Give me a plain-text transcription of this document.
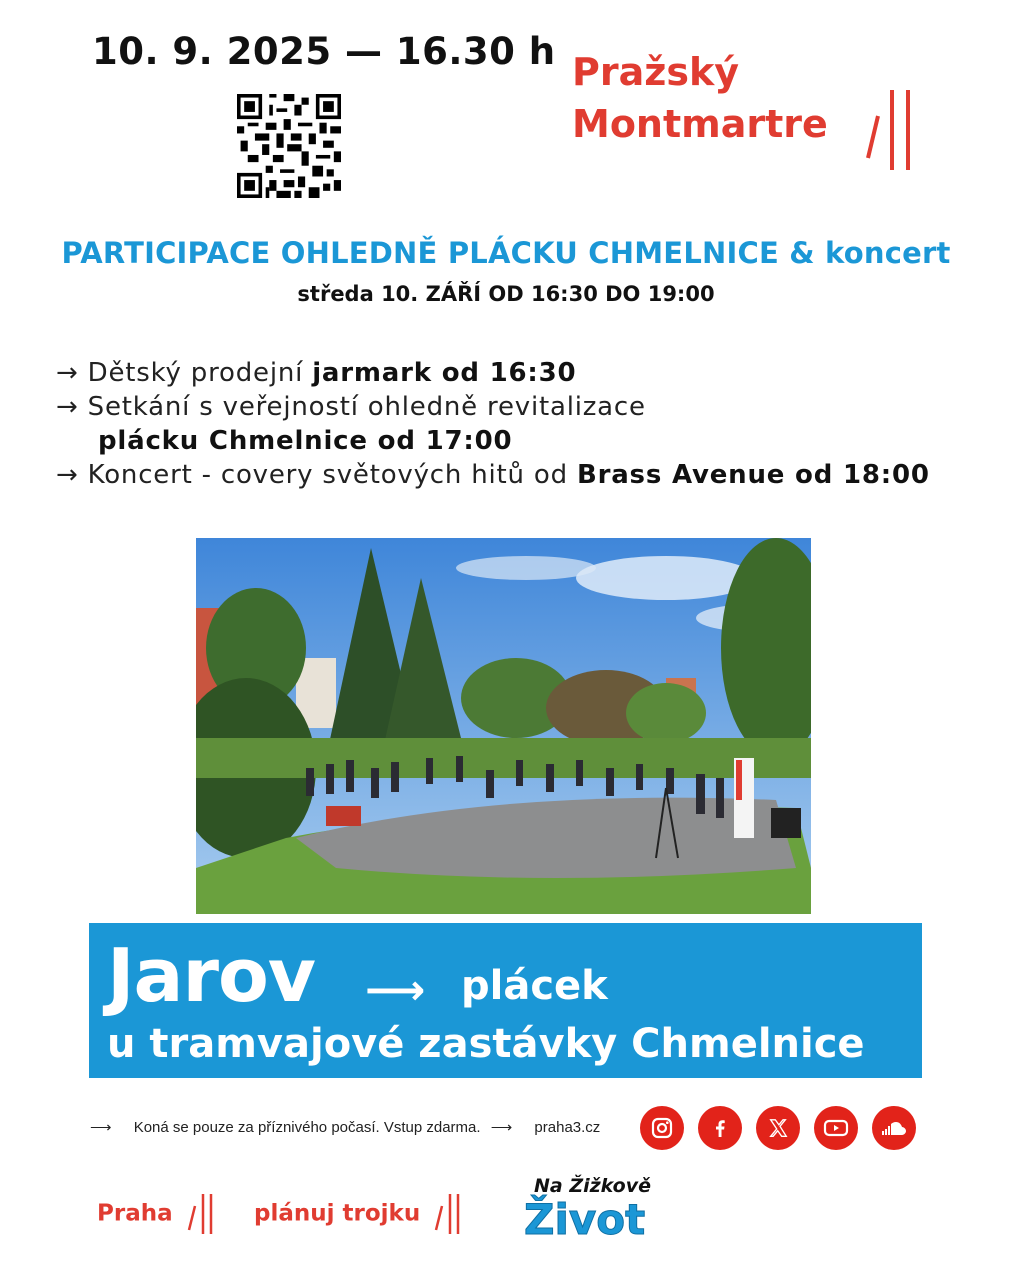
10. 9. 2025 — 16.30 h Pražský
Montmartre
PARTICIPACE OHLEDNĚ PLÁCKU CHMELNICE & koncert
středa 10. ZÁŘÍ OD 16:30 DO 19:00
→ Dětský prodejní jarmark od 16:30
→ Setkání s veřejností ohledně revitalizace
plácku Chmelnice od 17:00
→ Koncert - covery světových hitů od Brass Avenue od 18:00
Jarov ⟶ plácek
u tramvajové zastávky Chmelnice
⟶ Koná se pouze za příznivého počasí. Vstup zdarma. ⟶ praha3.cz
Praha	plánuj trojku
Na Žižkově
Život
